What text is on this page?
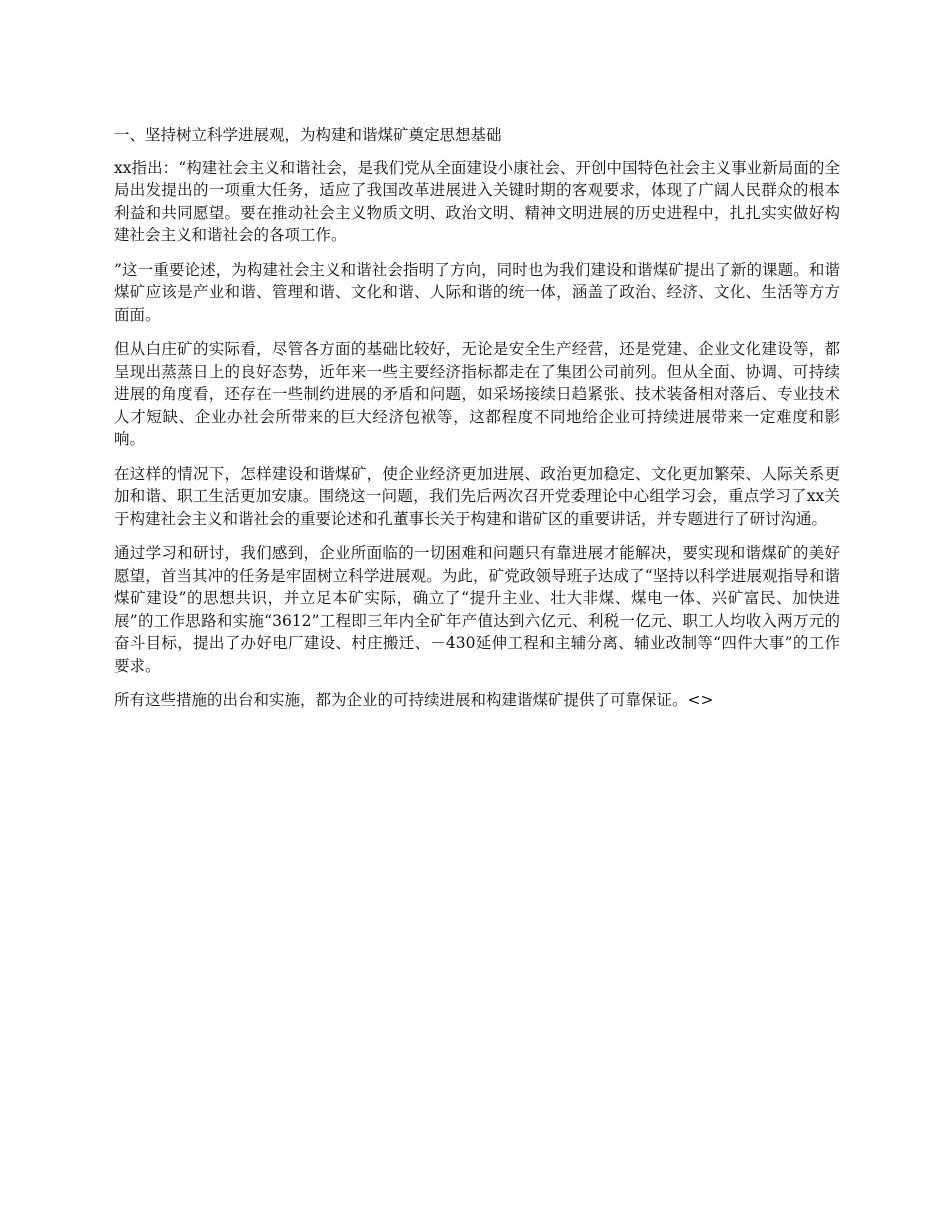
一、坚持树立科学进展观，为构建和谐煤矿奠定思想基础

xx指出：“构建社会主义和谐社会，是我们党从全面建设小康社会、开创中国特色社会主义事业新局面的全局出发提出的一项重大任务，适应了我国改革进展进入关键时期的客观要求，体现了广阔人民群众的根本利益和共同愿望。要在推动社会主义物质文明、政治文明、精神文明进展的历史进程中，扎扎实实做好构建社会主义和谐社会的各项工作。

”这一重要论述，为构建社会主义和谐社会指明了方向，同时也为我们建设和谐煤矿提出了新的课题。和谐煤矿应该是产业和谐、管理和谐、文化和谐、人际和谐的统一体，涵盖了政治、经济、文化、生活等方方面面。

但从白庄矿的实际看，尽管各方面的基础比较好，无论是安全生产经营，还是党建、企业文化建设等，都呈现出蒸蒸日上的良好态势，近年来一些主要经济指标都走在了集团公司前列。但从全面、协调、可持续进展的角度看，还存在一些制约进展的矛盾和问题，如采场接续日趋紧张、技术装备相对落后、专业技术人才短缺、企业办社会所带来的巨大经济包袱等，这都程度不同地给企业可持续进展带来一定难度和影响。

在这样的情况下，怎样建设和谐煤矿，使企业经济更加进展、政治更加稳定、文化更加繁荣、人际关系更加和谐、职工生活更加安康。围绕这一问题，我们先后两次召开党委理论中心组学习会，重点学习了xx关于构建社会主义和谐社会的重要论述和孔董事长关于构建和谐矿区的重要讲话，并专题进行了研讨沟通。

通过学习和研讨，我们感到，企业所面临的一切困难和问题只有靠进展才能解决，要实现和谐煤矿的美好愿望，首当其冲的任务是牢固树立科学进展观。为此，矿党政领导班子达成了“坚持以科学进展观指导和谐煤矿建设”的思想共识，并立足本矿实际，确立了“提升主业、壮大非煤、煤电一体、兴矿富民、加快进展”的工作思路和实施“3612”工程即三年内全矿年产值达到六亿元、利税一亿元、职工人均收入两万元的奋斗目标，提出了办好电厂建设、村庄搬迁、－430延伸工程和主辅分离、辅业改制等“四件大事”的工作要求。

所有这些措施的出台和实施，都为企业的可持续进展和构建谐煤矿提供了可靠保证。<>
